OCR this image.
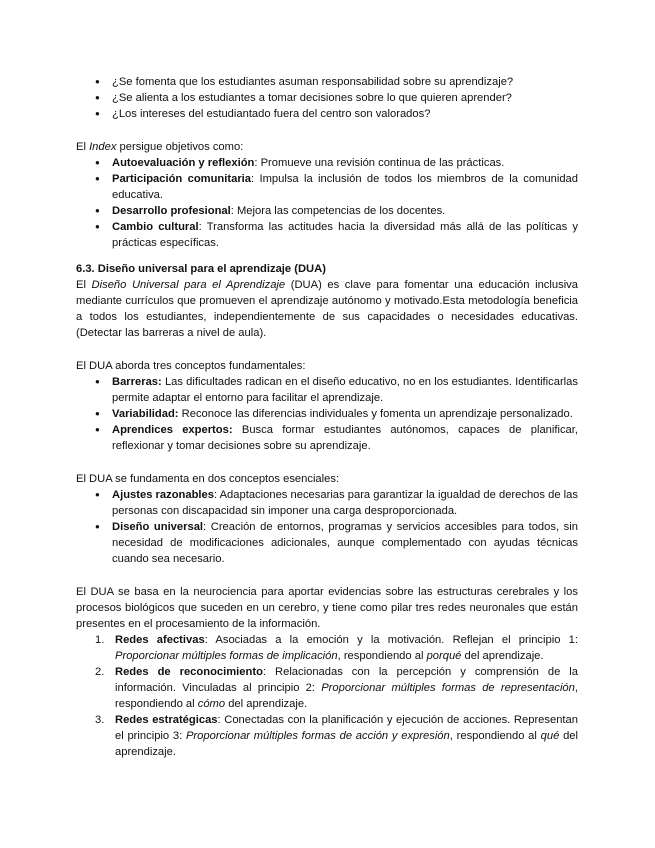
● ¿Se fomenta que los estudiantes asuman responsabilidad sobre su aprendizaje?
● ¿Se alienta a los estudiantes a tomar decisiones sobre lo que quieren aprender?
● ¿Los intereses del estudiantado fuera del centro son valorados?

El Index persigue objetivos como:

● Autoevaluación y reflexión: Promueve una revisión continua de las prácticas.
● Participación comunitaria: Impulsa la inclusión de todos los miembros de la comunidad educativa.
● Desarrollo profesional: Mejora las competencias de los docentes.
● Cambio cultural: Transforma las actitudes hacia la diversidad más allá de las políticas y prácticas específicas.

6.3. Diseño universal para el aprendizaje (DUA)

El Diseño Universal para el Aprendizaje (DUA) es clave para fomentar una educación inclusiva mediante currículos que promueven el aprendizaje autónomo y motivado.Esta metodología beneficia a todos los estudiantes, independientemente de sus capacidades o necesidades educativas. (Detectar las barreras a nivel de aula).

El DUA aborda tres conceptos fundamentales:

● Barreras: Las dificultades radican en el diseño educativo, no en los estudiantes. Identificarlas permite adaptar el entorno para facilitar el aprendizaje.
● Variabilidad: Reconoce las diferencias individuales y fomenta un aprendizaje personalizado.
● Aprendices expertos: Busca formar estudiantes autónomos, capaces de planificar, reflexionar y tomar decisiones sobre su aprendizaje.

El DUA se fundamenta en dos conceptos esenciales:

● Ajustes razonables: Adaptaciones necesarias para garantizar la igualdad de derechos de las personas con discapacidad sin imponer una carga desproporcionada.
● Diseño universal: Creación de entornos, programas y servicios accesibles para todos, sin necesidad de modificaciones adicionales, aunque complementado con ayudas técnicas cuando sea necesario.

El DUA se basa en la neurociencia para aportar evidencias sobre las estructuras cerebrales y los procesos biológicos que suceden en un cerebro, y tiene como pilar tres redes neuronales que están presentes en el procesamiento de la información.

1. Redes afectivas: Asociadas a la emoción y la motivación. Reflejan el principio 1: Proporcionar múltiples formas de implicación, respondiendo al porqué del aprendizaje.
2. Redes de reconocimiento: Relacionadas con la percepción y comprensión de la información. Vinculadas al principio 2: Proporcionar múltiples formas de representación, respondiendo al cómo del aprendizaje.
3. Redes estratégicas: Conectadas con la planificación y ejecución de acciones. Representan el principio 3: Proporcionar múltiples formas de acción y expresión, respondiendo al qué del aprendizaje.
